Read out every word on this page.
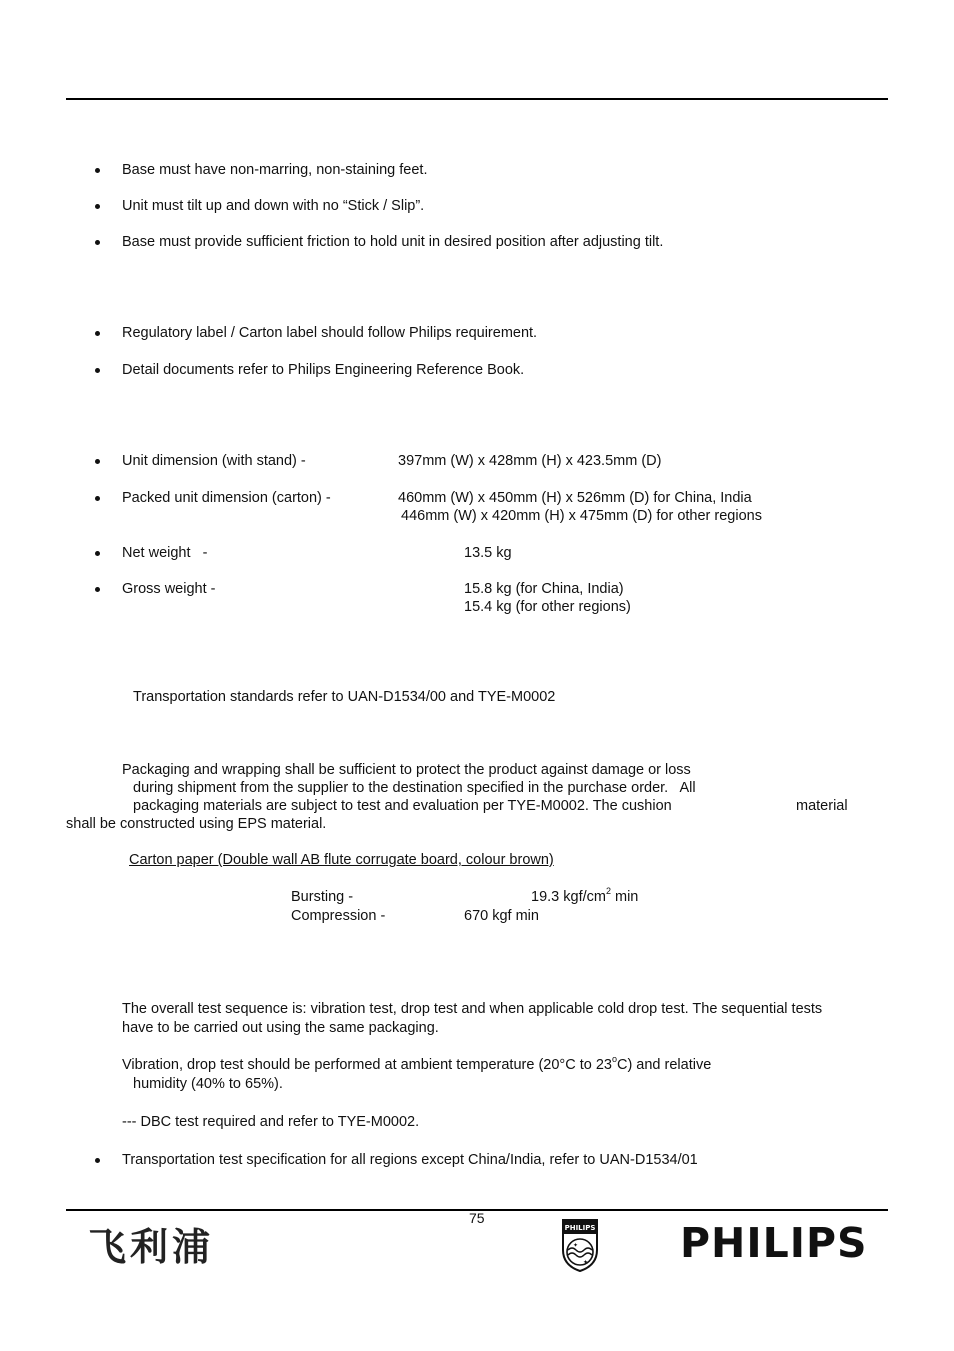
Base must have non-marring, non-staining feet.
Unit must tilt up and down with no “Stick / Slip”.
Base must provide sufficient friction to hold unit in desired position after adjusting tilt.
Regulatory label / Carton label should follow Philips requirement.
Detail documents refer to Philips Engineering Reference Book.
Unit dimension (with stand) -	397mm (W) x 428mm (H) x 423.5mm (D)
Packed unit dimension (carton) -	460mm (W) x 450mm (H) x 526mm (D) for China, India
446mm (W) x 420mm (H) x 475mm (D) for other regions
Net weight   -	13.5 kg
Gross weight -	15.8 kg (for China, India)
15.4 kg (for other regions)
Transportation standards refer to UAN-D1534/00 and TYE-M0002
Packaging and wrapping shall be sufficient to protect the product against damage or loss
during shipment from the supplier to the destination specified in the purchase order.   All
packaging materials are subject to test and evaluation per TYE-M0002. The cushion	material
shall be constructed using EPS material.
Carton paper (Double wall AB flute corrugate board, colour brown)
Bursting -	19.3 kgf/$cm^2$ min
Compression -	670 kgf min
The overall test sequence is: vibration test, drop test and when applicable cold drop test. The sequential tests
have to be carried out using the same packaging.
Vibration, drop test should be performed at ambient temperature (20°C to 23$^o$C) and relative
humidity (40% to 65%).
--- DBC test required and refer to TYE-M0002.
Transportation test specification for all regions except China/India, refer to UAN-D1534/01
75
飞利浦	PHILIPS
✦
✦ PHILIPS
